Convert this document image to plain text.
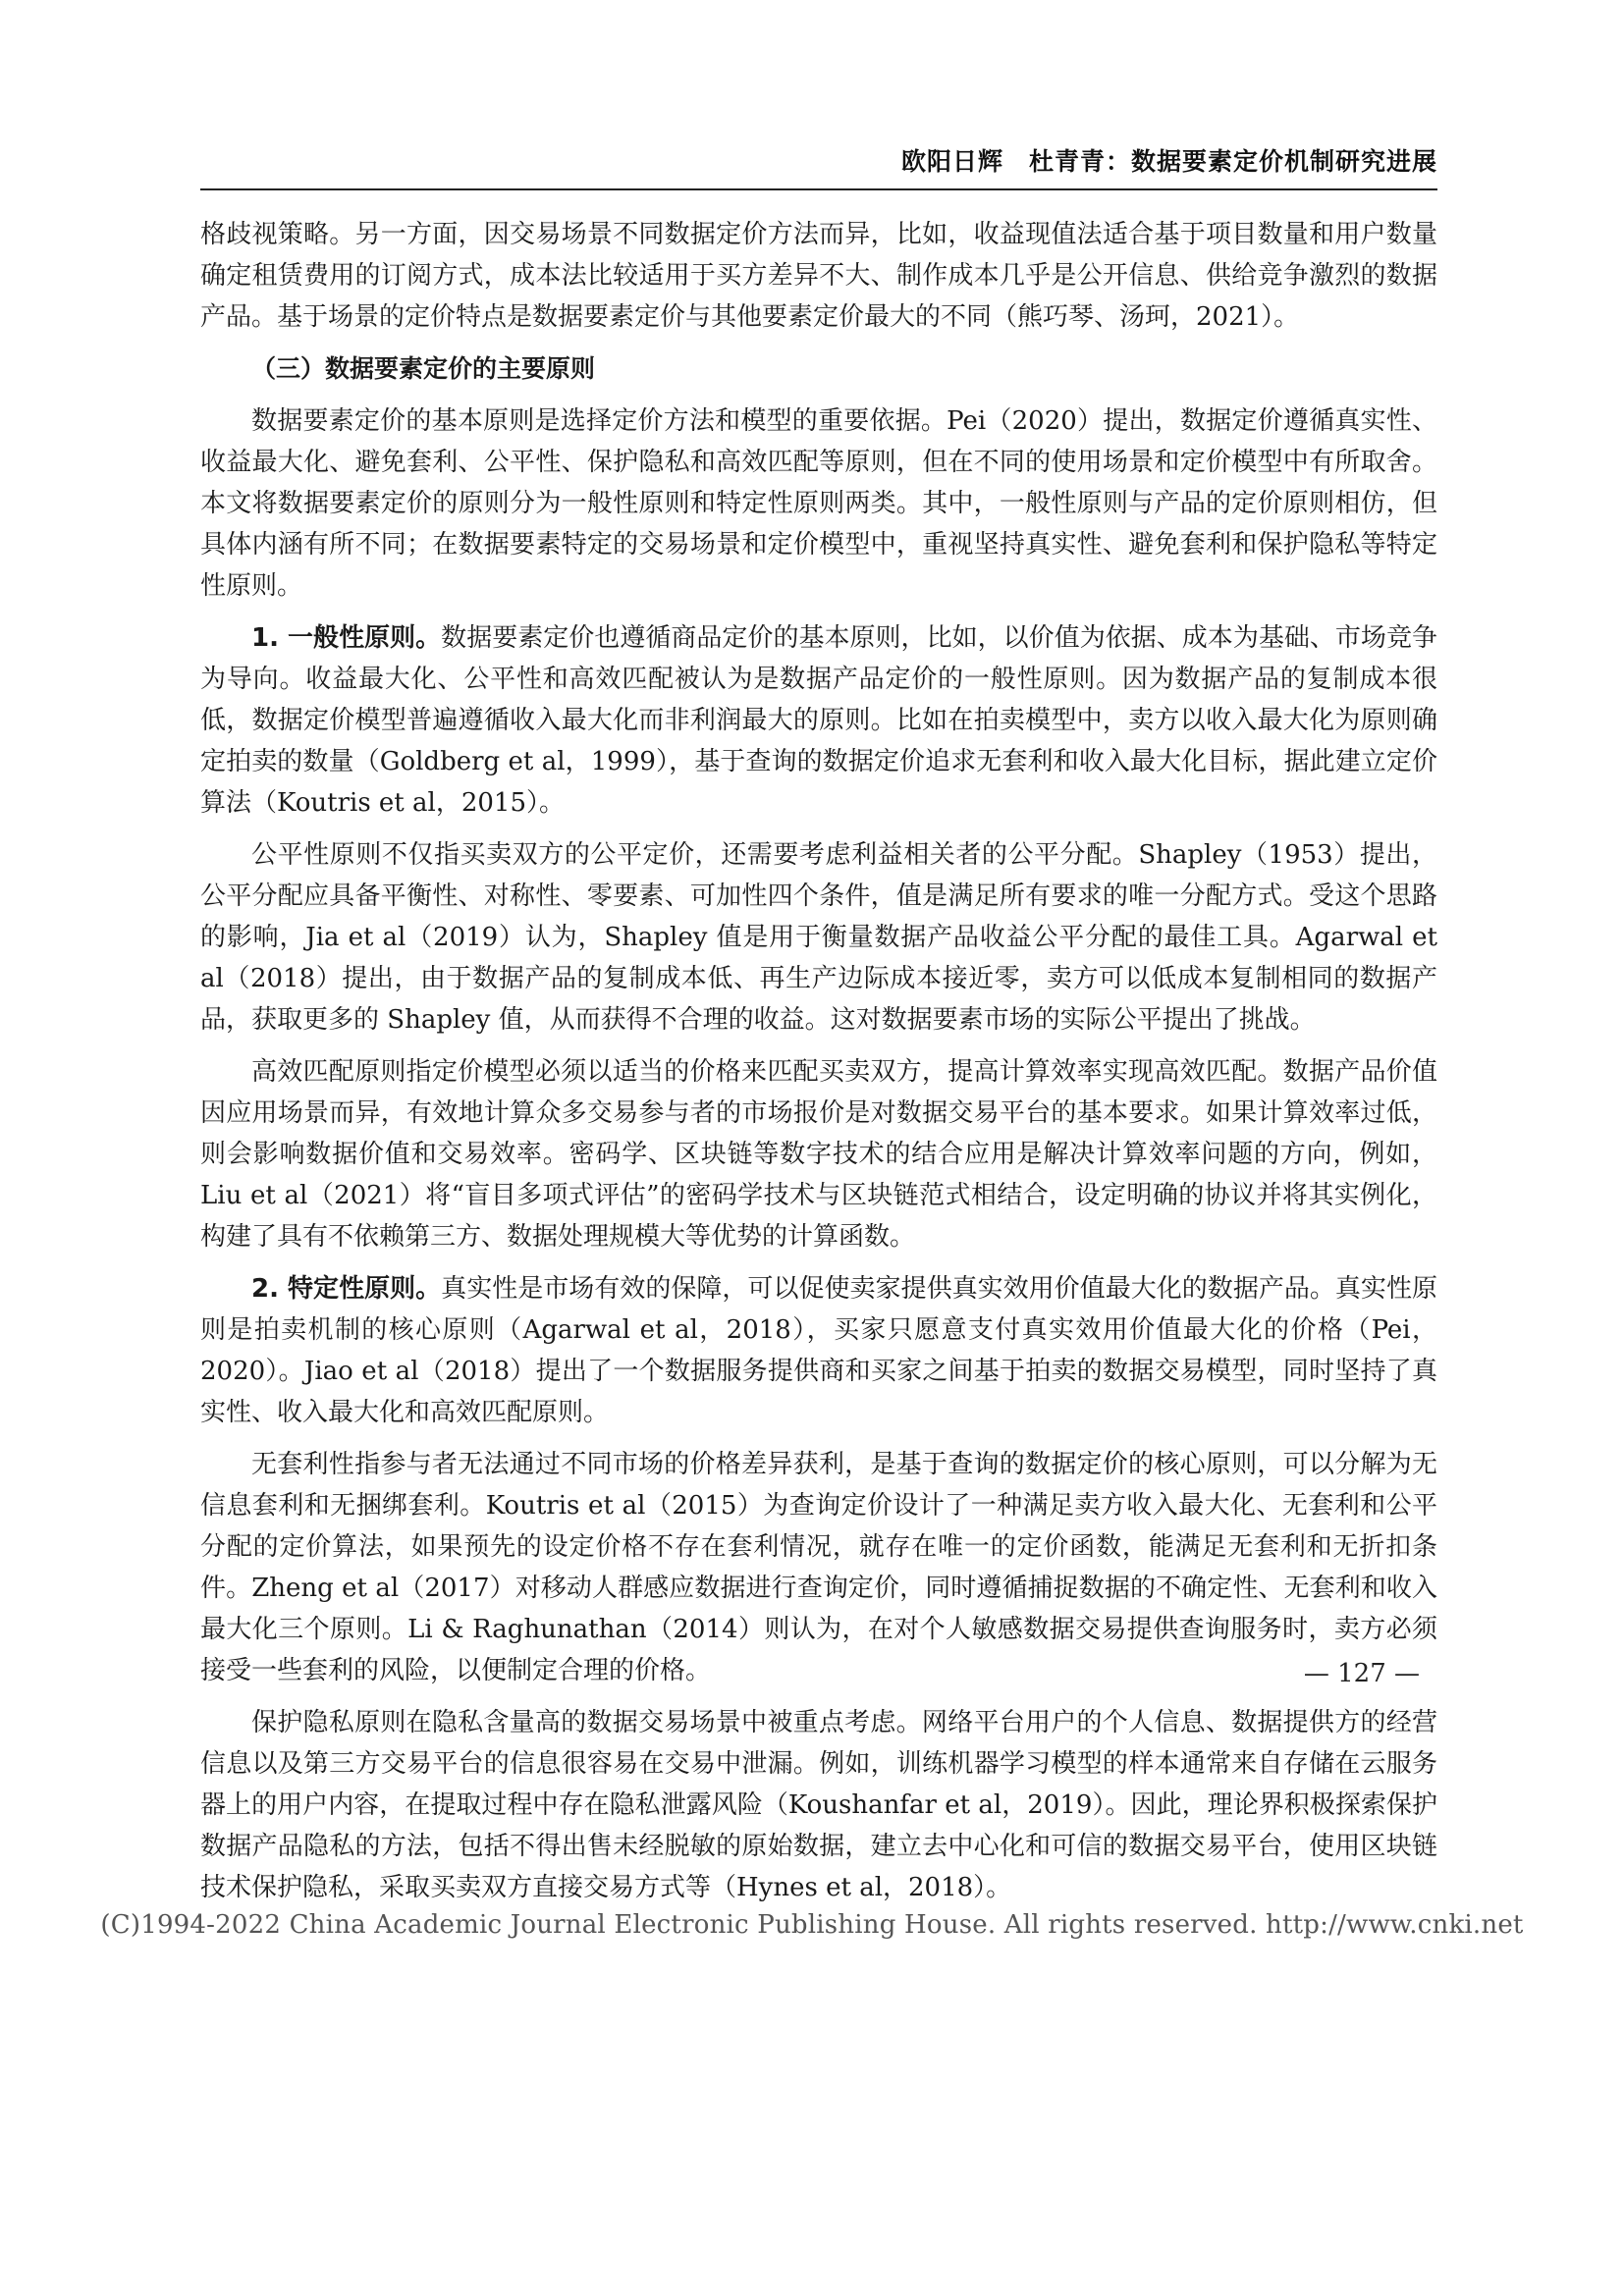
欧阳日辉　杜青青：数据要素定价机制研究进展

格歧视策略。另一方面，因交易场景不同数据定价方法而异，比如，收益现值法适合基于项目数量和用户数量确定租赁费用的订阅方式，成本法比较适用于买方差异不大、制作成本几乎是公开信息、供给竞争激烈的数据产品。基于场景的定价特点是数据要素定价与其他要素定价最大的不同（熊巧琴、汤珂，2021）。

（三）数据要素定价的主要原则

数据要素定价的基本原则是选择定价方法和模型的重要依据。Pei（2020）提出，数据定价遵循真实性、收益最大化、避免套利、公平性、保护隐私和高效匹配等原则，但在不同的使用场景和定价模型中有所取舍。本文将数据要素定价的原则分为一般性原则和特定性原则两类。其中，一般性原则与产品的定价原则相仿，但具体内涵有所不同；在数据要素特定的交易场景和定价模型中，重视坚持真实性、避免套利和保护隐私等特定性原则。

1. 一般性原则。数据要素定价也遵循商品定价的基本原则，比如，以价值为依据、成本为基础、市场竞争为导向。收益最大化、公平性和高效匹配被认为是数据产品定价的一般性原则。因为数据产品的复制成本很低，数据定价模型普遍遵循收入最大化而非利润最大的原则。比如在拍卖模型中，卖方以收入最大化为原则确定拍卖的数量（Goldberg et al，1999），基于查询的数据定价追求无套利和收入最大化目标，据此建立定价算法（Koutris et al，2015）。

公平性原则不仅指买卖双方的公平定价，还需要考虑利益相关者的公平分配。Shapley（1953）提出，公平分配应具备平衡性、对称性、零要素、可加性四个条件，值是满足所有要求的唯一分配方式。受这个思路的影响，Jia et al（2019）认为，Shapley 值是用于衡量数据产品收益公平分配的最佳工具。Agarwal et al（2018）提出，由于数据产品的复制成本低、再生产边际成本接近零，卖方可以低成本复制相同的数据产品，获取更多的 Shapley 值，从而获得不合理的收益。这对数据要素市场的实际公平提出了挑战。

高效匹配原则指定价模型必须以适当的价格来匹配买卖双方，提高计算效率实现高效匹配。数据产品价值因应用场景而异，有效地计算众多交易参与者的市场报价是对数据交易平台的基本要求。如果计算效率过低，则会影响数据价值和交易效率。密码学、区块链等数字技术的结合应用是解决计算效率问题的方向，例如，Liu et al（2021）将“盲目多项式评估”的密码学技术与区块链范式相结合，设定明确的协议并将其实例化，构建了具有不依赖第三方、数据处理规模大等优势的计算函数。

2. 特定性原则。真实性是市场有效的保障，可以促使卖家提供真实效用价值最大化的数据产品。真实性原则是拍卖机制的核心原则（Agarwal et al，2018），买家只愿意支付真实效用价值最大化的价格（Pei，2020）。Jiao et al（2018）提出了一个数据服务提供商和买家之间基于拍卖的数据交易模型，同时坚持了真实性、收入最大化和高效匹配原则。

无套利性指参与者无法通过不同市场的价格差异获利，是基于查询的数据定价的核心原则，可以分解为无信息套利和无捆绑套利。Koutris et al（2015）为查询定价设计了一种满足卖方收入最大化、无套利和公平分配的定价算法，如果预先的设定价格不存在套利情况，就存在唯一的定价函数，能满足无套利和无折扣条件。Zheng et al（2017）对移动人群感应数据进行查询定价，同时遵循捕捉数据的不确定性、无套利和收入最大化三个原则。Li & Raghunathan（2014）则认为，在对个人敏感数据交易提供查询服务时，卖方必须接受一些套利的风险，以便制定合理的价格。

保护隐私原则在隐私含量高的数据交易场景中被重点考虑。网络平台用户的个人信息、数据提供方的经营信息以及第三方交易平台的信息很容易在交易中泄漏。例如，训练机器学习模型的样本通常来自存储在云服务器上的用户内容，在提取过程中存在隐私泄露风险（Koushanfar et al，2019）。因此，理论界积极探索保护数据产品隐私的方法，包括不得出售未经脱敏的原始数据，建立去中心化和可信的数据交易平台，使用区块链技术保护隐私，采取买卖双方直接交易方式等（Hynes et al，2018）。

— 127 —
(C)1994-2022 China Academic Journal Electronic Publishing House. All rights reserved. http://www.cnki.net
